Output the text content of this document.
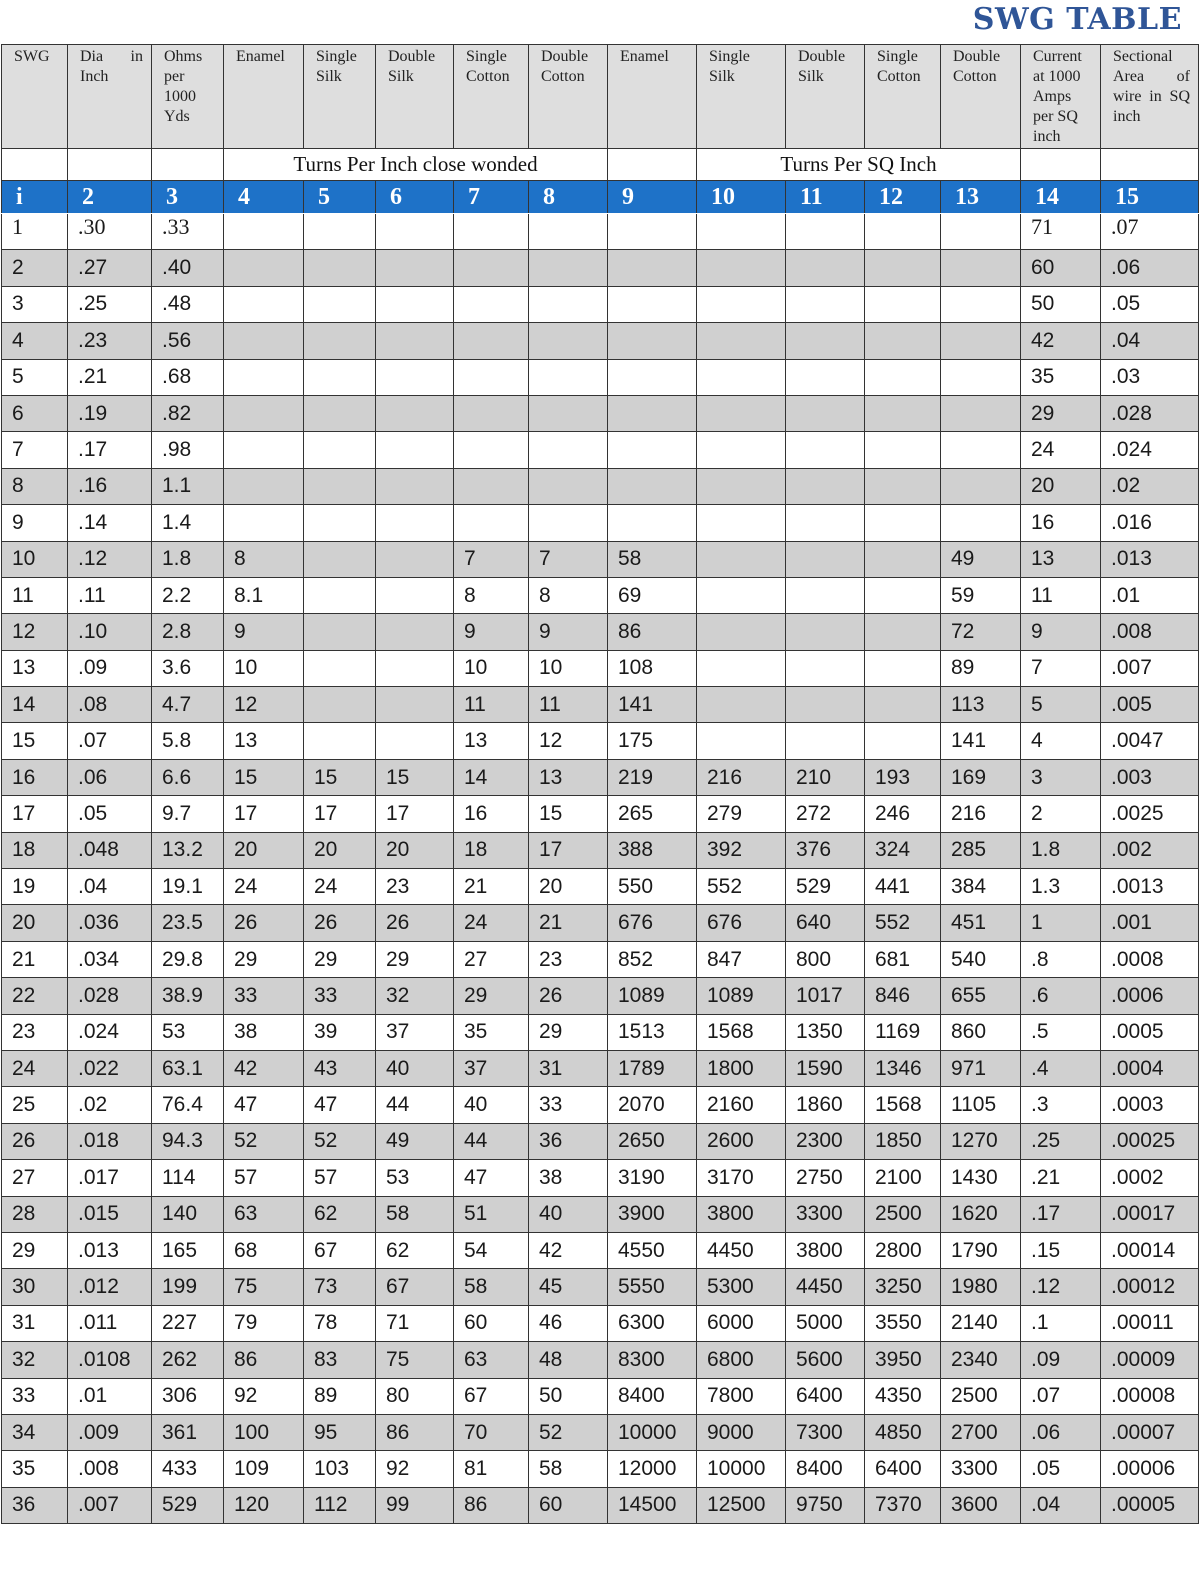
SWG TABLE
SWG	Dia in Inch	Ohms per 1000 Yds	Enamel	Single Silk	Double Silk	Single Cotton	Double Cotton	Enamel	Single Silk	Double Silk	Single Cotton	Double Cotton	Current at 1000 Amps per SQ inch	Sectional Area of wire in SQ inch
			Turns Per Inch close wonded						Turns Per SQ Inch					
i	2	3	4	5	6	7	8	9	10	11	12	13	14	15
1	.30	.33											71	.07
2	.27	.40											60	.06
3	.25	.48											50	.05
4	.23	.56											42	.04
5	.21	.68											35	.03
6	.19	.82											29	.028
7	.17	.98											24	.024
8	.16	1.1											20	.02
9	.14	1.4											16	.016
10	.12	1.8	8			7	7	58				49	13	.013
11	.11	2.2	8.1			8	8	69				59	11	.01
12	.10	2.8	9			9	9	86				72	9	.008
13	.09	3.6	10			10	10	108				89	7	.007
14	.08	4.7	12			11	11	141				113	5	.005
15	.07	5.8	13			13	12	175				141	4	.0047
16	.06	6.6	15	15	15	14	13	219	216	210	193	169	3	.003
17	.05	9.7	17	17	17	16	15	265	279	272	246	216	2	.0025
18	.048	13.2	20	20	20	18	17	388	392	376	324	285	1.8	.002
19	.04	19.1	24	24	23	21	20	550	552	529	441	384	1.3	.0013
20	.036	23.5	26	26	26	24	21	676	676	640	552	451	1	.001
21	.034	29.8	29	29	29	27	23	852	847	800	681	540	.8	.0008
22	.028	38.9	33	33	32	29	26	1089	1089	1017	846	655	.6	.0006
23	.024	53	38	39	37	35	29	1513	1568	1350	1169	860	.5	.0005
24	.022	63.1	42	43	40	37	31	1789	1800	1590	1346	971	.4	.0004
25	.02	76.4	47	47	44	40	33	2070	2160	1860	1568	1105	.3	.0003
26	.018	94.3	52	52	49	44	36	2650	2600	2300	1850	1270	.25	.00025
27	.017	114	57	57	53	47	38	3190	3170	2750	2100	1430	.21	.0002
28	.015	140	63	62	58	51	40	3900	3800	3300	2500	1620	.17	.00017
29	.013	165	68	67	62	54	42	4550	4450	3800	2800	1790	.15	.00014
30	.012	199	75	73	67	58	45	5550	5300	4450	3250	1980	.12	.00012
31	.011	227	79	78	71	60	46	6300	6000	5000	3550	2140	.1	.00011
32	.0108	262	86	83	75	63	48	8300	6800	5600	3950	2340	.09	.00009
33	.01	306	92	89	80	67	50	8400	7800	6400	4350	2500	.07	.00008
34	.009	361	100	95	86	70	52	10000	9000	7300	4850	2700	.06	.00007
35	.008	433	109	103	92	81	58	12000	10000	8400	6400	3300	.05	.00006
36	.007	529	120	112	99	86	60	14500	12500	9750	7370	3600	.04	.00005
